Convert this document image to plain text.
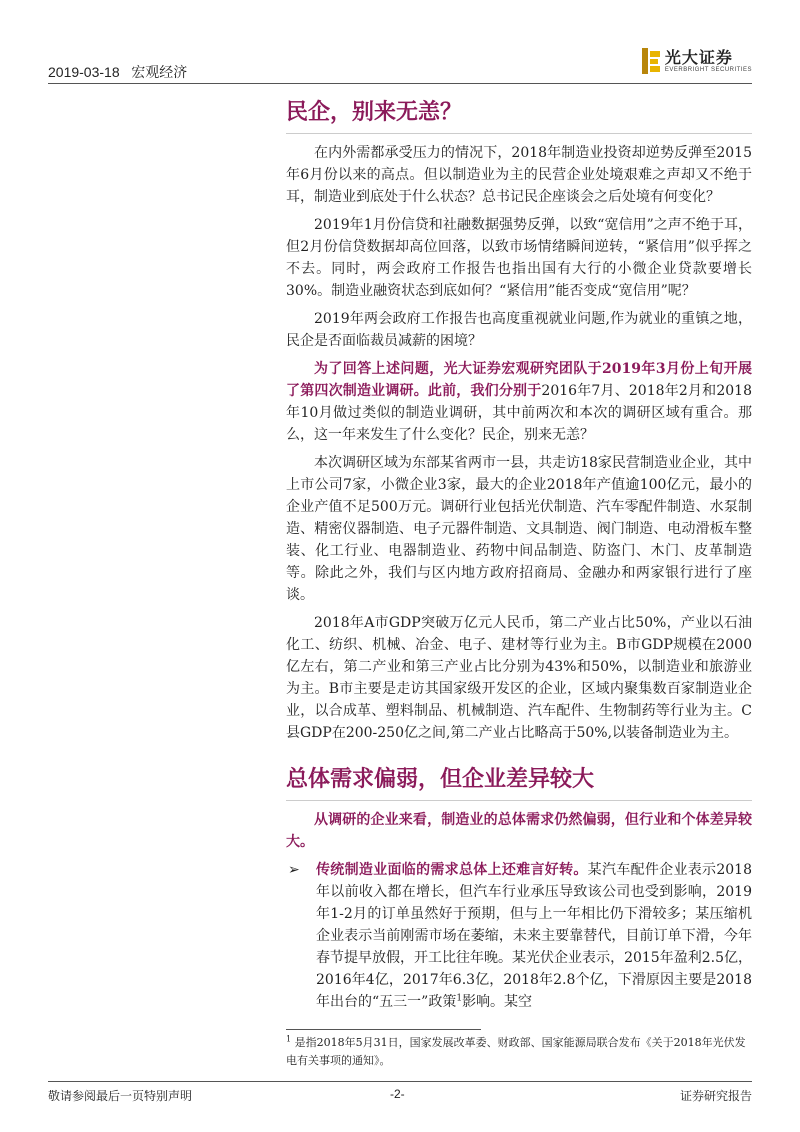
2019-03-18 宏观经济
光大证券
EVERBRIGHT SECURITIES
民企，别来无恙？

在内外需都承受压力的情况下，2018年制造业投资却逆势反弹至2015年6月份以来的高点。但以制造业为主的民营企业处境艰难之声却又不绝于耳，制造业到底处于什么状态？总书记民企座谈会之后处境有何变化？

2019年1月份信贷和社融数据强势反弹，以致“宽信用”之声不绝于耳，但2月份信贷数据却高位回落，以致市场情绪瞬间逆转，“紧信用”似乎挥之不去。同时，两会政府工作报告也指出国有大行的小微企业贷款要增长30%。制造业融资状态到底如何？“紧信用”能否变成“宽信用”呢？

2019年两会政府工作报告也高度重视就业问题,作为就业的重镇之地，民企是否面临裁员减薪的困境？

为了回答上述问题，光大证券宏观研究团队于2019年3月份上旬开展了第四次制造业调研。此前，我们分别于2016年7月、2018年2月和2018年10月做过类似的制造业调研，其中前两次和本次的调研区域有重合。那么，这一年来发生了什么变化？民企，别来无恙？

本次调研区域为东部某省两市一县，共走访18家民营制造业企业，其中上市公司7家，小微企业3家，最大的企业2018年产值逾100亿元，最小的企业产值不足500万元。调研行业包括光伏制造、汽车零配件制造、水泵制造、精密仪器制造、电子元器件制造、文具制造、阀门制造、电动滑板车整装、化工行业、电器制造业、药物中间品制造、防盗门、木门、皮革制造等。除此之外，我们与区内地方政府招商局、金融办和两家银行进行了座谈。

2018年A市GDP突破万亿元人民币，第二产业占比50%，产业以石油化工、纺织、机械、冶金、电子、建材等行业为主。B市GDP规模在2000亿左右，第二产业和第三产业占比分别为43%和50%，以制造业和旅游业为主。B市主要是走访其国家级开发区的企业，区域内聚集数百家制造业企业，以合成革、塑料制品、机械制造、汽车配件、生物制药等行业为主。C县GDP在200-250亿之间,第二产业占比略高于50%,以装备制造业为主。

总体需求偏弱，但企业差异较大

从调研的企业来看，制造业的总体需求仍然偏弱，但行业和个体差异较大。

➢	传统制造业面临的需求总体上还难言好转。某汽车配件企业表示2018年以前收入都在增长，但汽车行业承压导致该公司也受到影响，2019年1-2月的订单虽然好于预期，但与上一年相比仍下滑较多；某压缩机企业表示当前刚需市场在萎缩，未来主要靠替代，目前订单下滑，今年春节提早放假，开工比往年晚。某光伏企业表示，2015年盈利2.5亿，2016年4亿，2017年6.3亿，2018年2.8个亿，下滑原因主要是2018年出台的“五三一”政策$^1$影响。某空
$^1$ 是指2018年5月31日，国家发展改革委、财政部、国家能源局联合发布《关于2018年光伏发电有关事项的通知》。
敬请参阅最后一页特别声明	-2-	证券研究报告
